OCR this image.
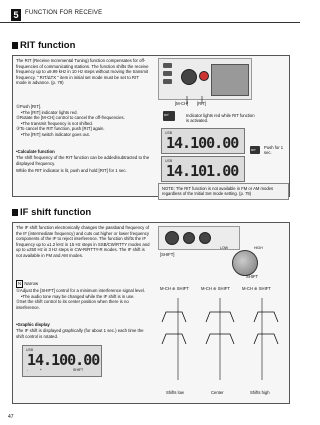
5	FUNCTION FOR RECEIVE
RIT function
The RIT (Receive Incremental Tuning) function compensates for off-frequencies of communicating stations. The function shifts the receive frequency up to ±9.99 kHz in 10 Hz steps without moving the transmit frequency. " RIT/ΔTX " item in initial set mode must be set to RIT mode in advance. (p. 79)
①Push [RIT].
•The [RIT] indicator lights red.
②Rotate the [M-CH] control to cancel the off-frequencies.
•The transmit frequency is not shifted.
③To cancel the RIT function, push [RIT] again.
•The [RIT] switch indicator goes out.
•Calculate function
The shift frequency of the RIT function can be added/subtracted to the displayed frequency.
While the RIT indicator is lit, push and hold [RIT] for 1 sec.
[M-CH] [RIT]
RIT	Indicator lights red while RIT function is activated.
USB
14.100.00
USB
14.101.00
RIT Push for 1 sec.
NOTE: The RIT function is not available in FM or AM modes regardless of the Initial Set mode setting. (p. 79)
IF shift function
The IF shift function electronically changes the passband frequency of the IF (intermediate frequency) and cuts out higher or lower frequency components of the IF to reject interference. The function shifts the IF frequency up to ±1.2 kHz in 15 Hz steps in SSB/CW/RTTY modes and up to ±250 Hz in 3 Hz steps in CW-R/RTTY-R modes. The IF shift is not available in FM and AM modes.
N Narrow
①Adjust the [SHIFT] control for a minimum interference signal level.
•The audio tone may be changed while the IF shift is in use.
②Set the shift control to its center position when there is no interference.
•Graphic display
The IF shift is displayed graphically (for about 1 sec.) each time the shift control is rotated.
[SHIFT]
SHIFT
LOW	HIGH
M-CH ⊕ SHIFT	M-CH ⊕ SHIFT	M-CH ⊕ SHIFT
Shifts low	Center	Shifts high
USB
14.100.00
-            +	SHIFT
47
